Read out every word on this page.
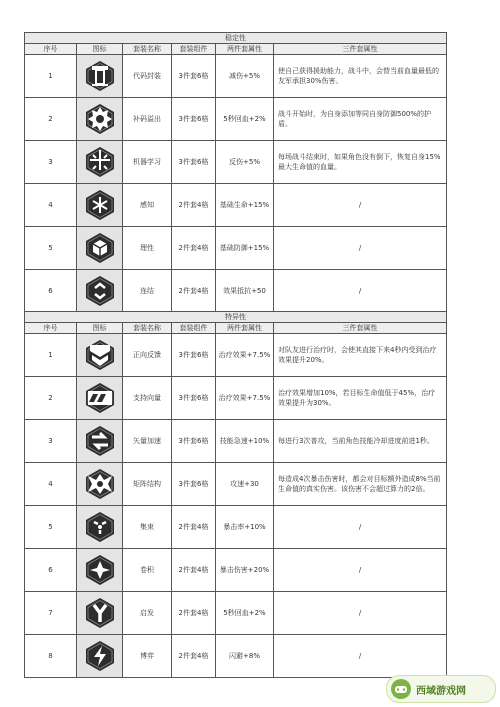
稳定性					
序号	图标	套装名称	套装组件	两件套属性	三件套属性
1		代码封装	3件套6格	减伤+5%	使自己获得援助能力，战斗中，会替当前血量最低的友军承担30%伤害。
2		补码溢出	3件套6格	5秒回血+2%	战斗开始时，为自身添加等同自身防御500%的护盾。
3		机器学习	3件套6格	反伤+5%	每场战斗结束时，如果角色没有倒下，恢复自身15%最大生命值的血量。
4		感知	2件套4格	基础生命+15%	/
5		理性	2件套4格	基础防御+15%	/
6		连结	2件套4格	效果抵抗+50	/
特异性					
序号	图标	套装名称	套装组件	两件套属性	三件套属性
1		正向反馈	3件套6格	治疗效果+7.5%	对队友进行治疗时，会使其直接下来4秒内受到治疗效果提升20%。
2		支持向量	3件套6格	治疗效果+7.5%	治疗效果增加10%，若目标生命值低于45%，治疗效果提升为30%。
3		矢量加速	3件套6格	技能急速+10%	每进行3次普攻，当前角色技能冷却进度前进1秒。
4		矩阵结构	3件套6格	攻速+30	每造成4次暴击伤害时，都会对目标额外造成8%当前生命值的真实伤害。该伤害不会超过算力的2倍。
5		集束	2件套4格	暴击率+10%	/
6		卷积	2件套4格	暴击伤害+20%	/
7		启发	2件套4格	5秒回血+2%	/
8		博弈	2件套4格	闪避+8%	/
西域游戏网
